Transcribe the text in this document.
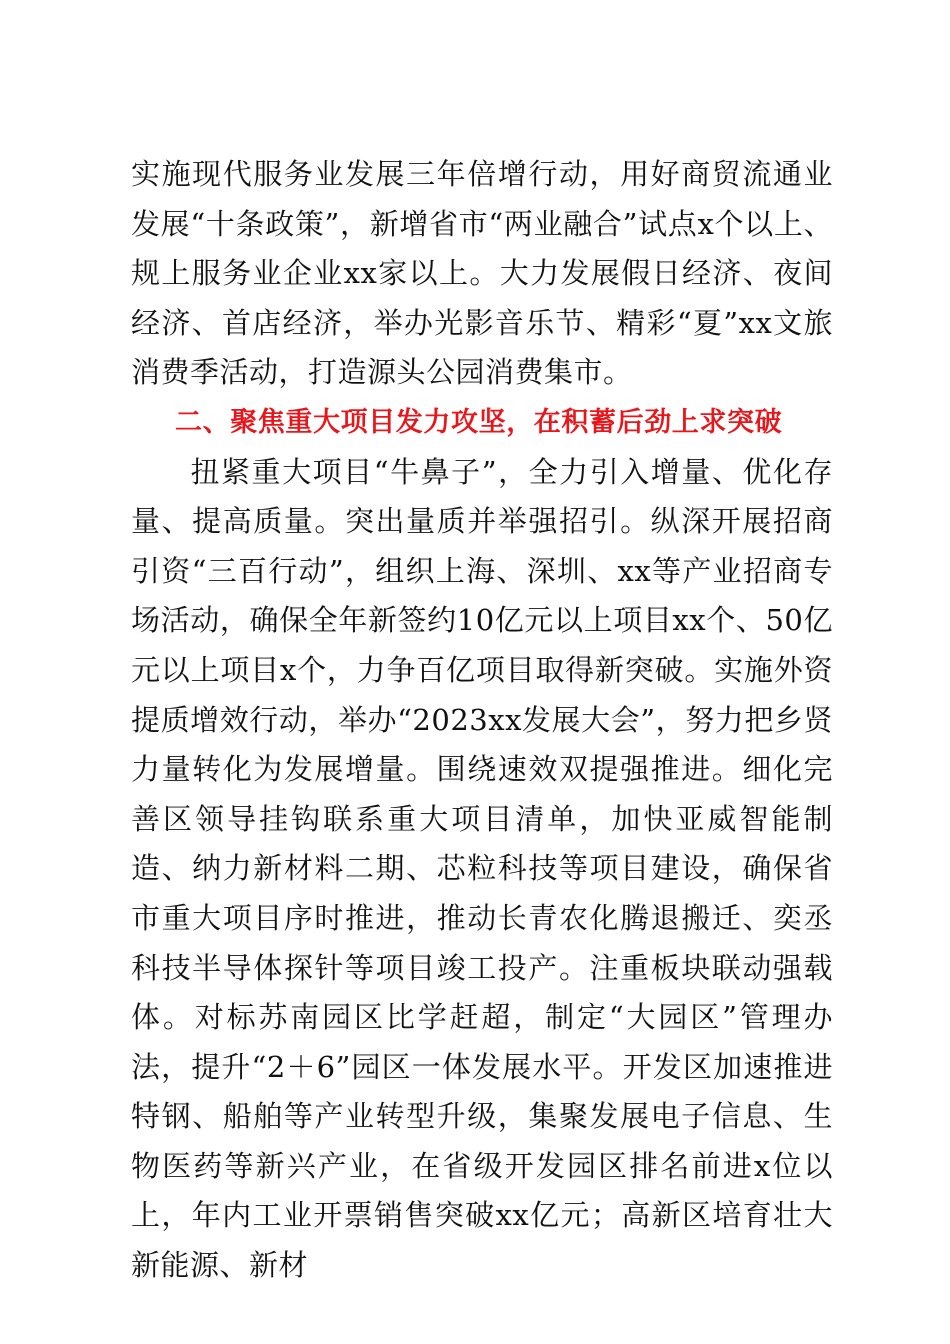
实施现代服务业发展三年倍增行动，用好商贸流通业发展“十条政策”，新增省市“两业融合”试点x个以上、规上服务业企业xx家以上。大力发展假日经济、夜间经济、首店经济，举办光影音乐节、精彩“夏”xx文旅消费季活动，打造源头公园消费集市。

二、聚焦重大项目发力攻坚，在积蓄后劲上求突破

扭紧重大项目“牛鼻子”，全力引入增量、优化存量、提高质量。突出量质并举强招引。纵深开展招商引资“三百行动”，组织上海、深圳、xx等产业招商专场活动，确保全年新签约10亿元以上项目xx个、50亿元以上项目x个，力争百亿项目取得新突破。实施外资提质增效行动，举办“2023xx发展大会”，努力把乡贤力量转化为发展增量。围绕速效双提强推进。细化完善区领导挂钩联系重大项目清单，加快亚威智能制造、纳力新材料二期、芯粒科技等项目建设，确保省市重大项目序时推进，推动长青农化腾退搬迁、奕丞科技半导体探针等项目竣工投产。注重板块联动强载体。对标苏南园区比学赶超，制定“大园区”管理办法，提升“2＋6”园区一体发展水平。开发区加速推进特钢、船舶等产业转型升级，集聚发展电子信息、生物医药等新兴产业，在省级开发园区排名前进x位以上，年内工业开票销售突破xx亿元；高新区培育壮大新能源、新材
